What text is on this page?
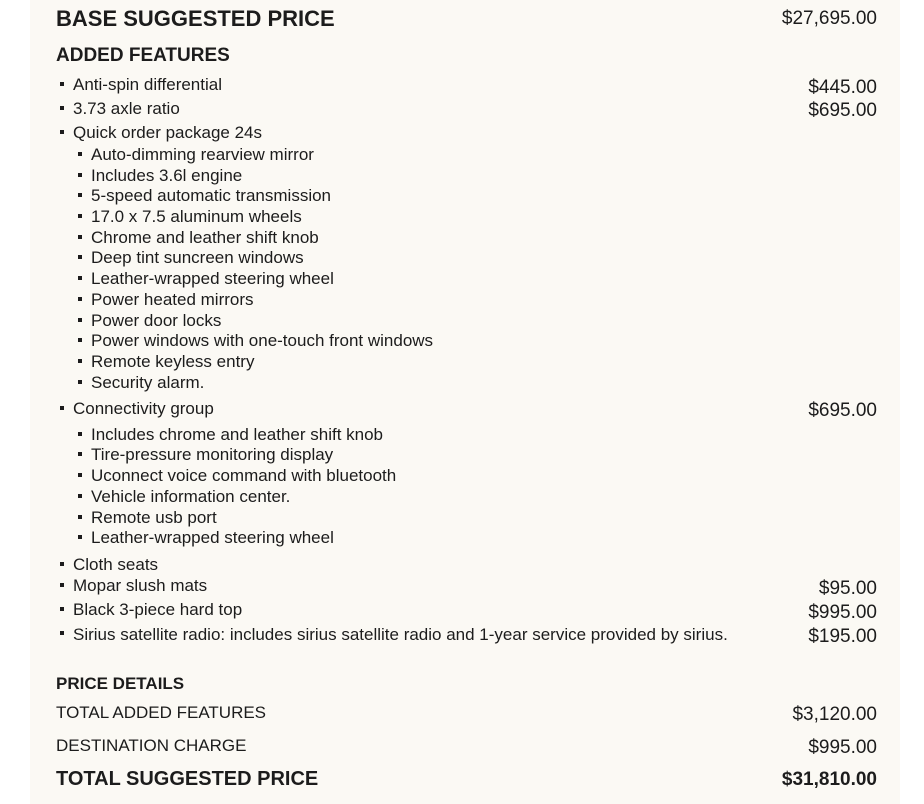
BASE SUGGESTED PRICE	$27,695.00
ADDED FEATURES
Anti-spin differential	$445.00
3.73 axle ratio	$695.00
Quick order package 24s
Auto-dimming rearview mirror
Includes 3.6l engine
5-speed automatic transmission
17.0 x 7.5 aluminum wheels
Chrome and leather shift knob
Deep tint suncreen windows
Leather-wrapped steering wheel
Power heated mirrors
Power door locks
Power windows with one-touch front windows
Remote keyless entry
Security alarm.
Connectivity group	$695.00
Includes chrome and leather shift knob
Tire-pressure monitoring display
Uconnect voice command with bluetooth
Vehicle information center.
Remote usb port
Leather-wrapped steering wheel
Cloth seats
Mopar slush mats	$95.00
Black 3-piece hard top	$995.00
Sirius satellite radio: includes sirius satellite radio and 1-year service provided by sirius.	$195.00
PRICE DETAILS
TOTAL ADDED FEATURES	$3,120.00
DESTINATION CHARGE	$995.00
TOTAL SUGGESTED PRICE	$31,810.00
